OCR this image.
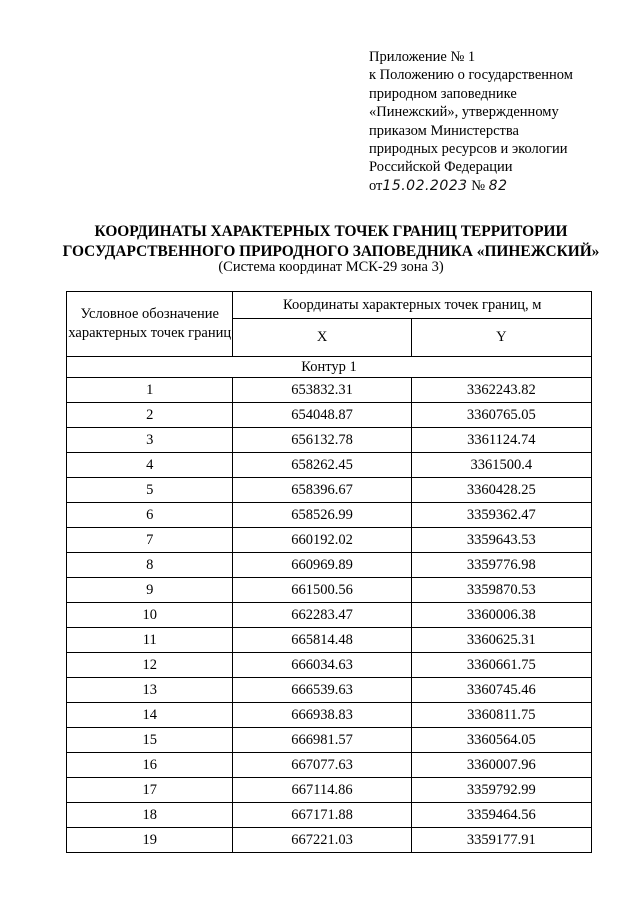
Приложение № 1
к Положению о государственном
природном заповеднике
«Пинежский», утвержденному
приказом Министерства
природных ресурсов и экологии
Российской Федерации
от15.02.2023 № 82
КООРДИНАТЫ ХАРАКТЕРНЫХ ТОЧЕК ГРАНИЦ ТЕРРИТОРИИ
ГОСУДАРСТВЕННОГО ПРИРОДНОГО ЗАПОВЕДНИКА «ПИНЕЖСКИЙ»
(Система координат МСК-29 зона 3)
Условное обозначение характерных точек границ	Координаты характерных точек границ, м	
	X	Y
Контур 1		
1	653832.31	3362243.82
2	654048.87	3360765.05
3	656132.78	3361124.74
4	658262.45	3361500.4
5	658396.67	3360428.25
6	658526.99	3359362.47
7	660192.02	3359643.53
8	660969.89	3359776.98
9	661500.56	3359870.53
10	662283.47	3360006.38
11	665814.48	3360625.31
12	666034.63	3360661.75
13	666539.63	3360745.46
14	666938.83	3360811.75
15	666981.57	3360564.05
16	667077.63	3360007.96
17	667114.86	3359792.99
18	667171.88	3359464.56
19	667221.03	3359177.91
